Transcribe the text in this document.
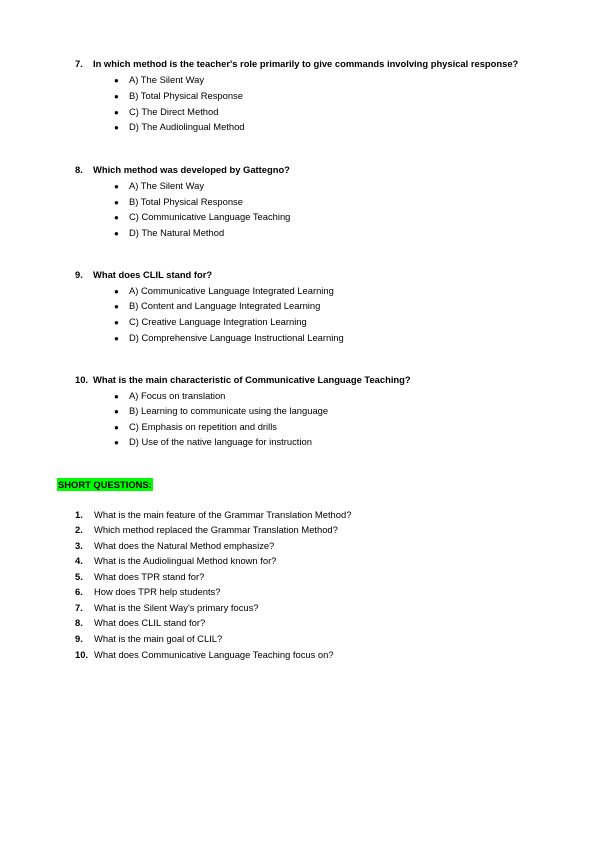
7. In which method is the teacher's role primarily to give commands involving physical response?
● A) The Silent Way
● B) Total Physical Response
● C) The Direct Method
● D) The Audiolingual Method
8. Which method was developed by Gattegno?
● A) The Silent Way
● B) Total Physical Response
● C) Communicative Language Teaching
● D) The Natural Method
9. What does CLIL stand for?
● A) Communicative Language Integrated Learning
● B) Content and Language Integrated Learning
● C) Creative Language Integration Learning
● D) Comprehensive Language Instructional Learning
10. What is the main characteristic of Communicative Language Teaching?
● A) Focus on translation
● B) Learning to communicate using the language
● C) Emphasis on repetition and drills
● D) Use of the native language for instruction
SHORT QUESTIONS:
1. What is the main feature of the Grammar Translation Method?
2. Which method replaced the Grammar Translation Method?
3. What does the Natural Method emphasize?
4. What is the Audiolingual Method known for?
5. What does TPR stand for?
6. How does TPR help students?
7. What is the Silent Way's primary focus?
8. What does CLIL stand for?
9. What is the main goal of CLIL?
10. What does Communicative Language Teaching focus on?
